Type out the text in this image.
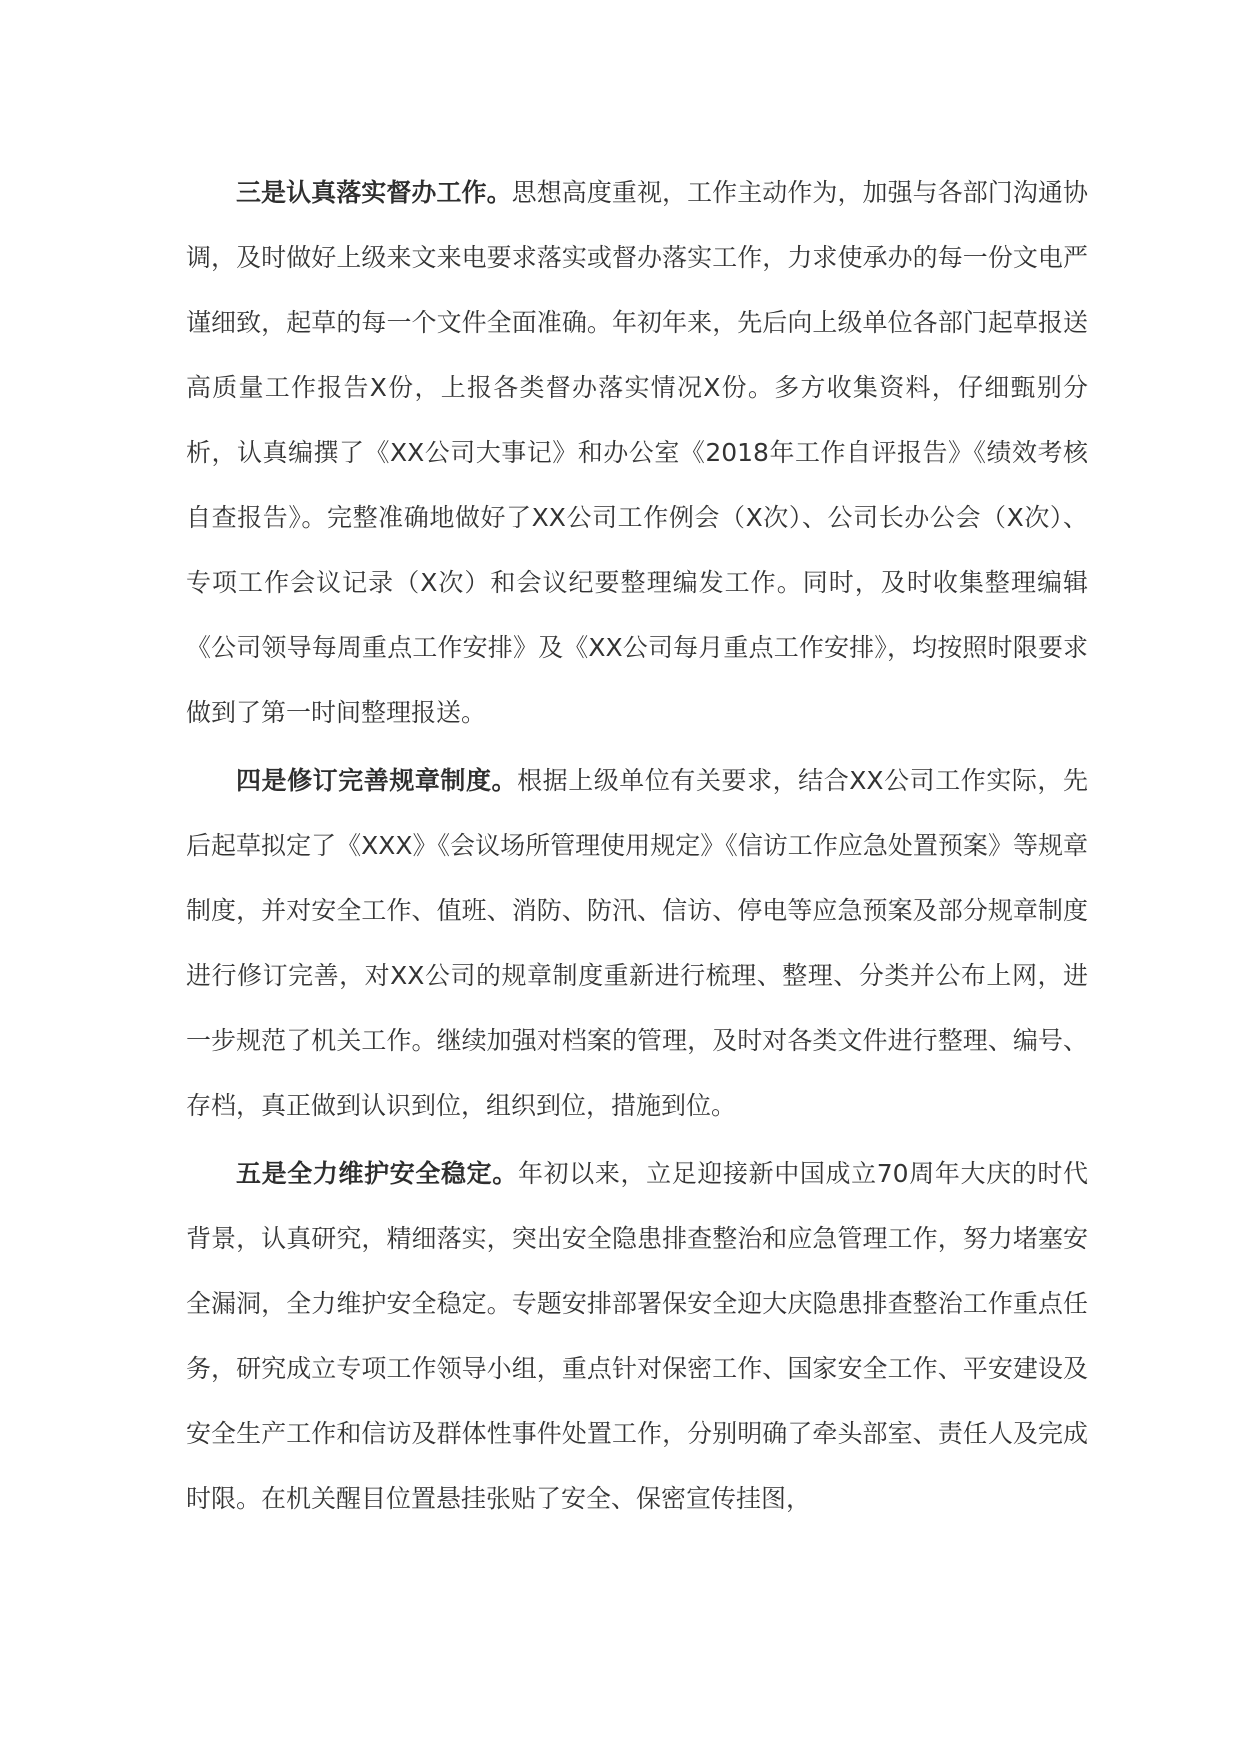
三是认真落实督办工作。思想高度重视，工作主动作为，加强与各部门沟通协调，及时做好上级来文来电要求落实或督办落实工作，力求使承办的每一份文电严谨细致，起草的每一个文件全面准确。年初年来，先后向上级单位各部门起草报送高质量工作报告X份，上报各类督办落实情况X份。多方收集资料，仔细甄别分析，认真编撰了《XX公司大事记》和办公室《2018年工作自评报告》《绩效考核自查报告》。完整准确地做好了XX公司工作例会（X次）、公司长办公会（X次）、专项工作会议记录（X次）和会议纪要整理编发工作。同时，及时收集整理编辑《公司领导每周重点工作安排》及《XX公司每月重点工作安排》，均按照时限要求做到了第一时间整理报送。

四是修订完善规章制度。根据上级单位有关要求，结合XX公司工作实际，先后起草拟定了《XXX》《会议场所管理使用规定》《信访工作应急处置预案》等规章制度，并对安全工作、值班、消防、防汛、信访、停电等应急预案及部分规章制度进行修订完善，对XX公司的规章制度重新进行梳理、整理、分类并公布上网，进一步规范了机关工作。继续加强对档案的管理，及时对各类文件进行整理、编号、存档，真正做到认识到位，组织到位，措施到位。

五是全力维护安全稳定。年初以来，立足迎接新中国成立70周年大庆的时代背景，认真研究，精细落实，突出安全隐患排查整治和应急管理工作，努力堵塞安全漏洞，全力维护安全稳定。专题安排部署保安全迎大庆隐患排查整治工作重点任务，研究成立专项工作领导小组，重点针对保密工作、国家安全工作、平安建设及安全生产工作和信访及群体性事件处置工作，分别明确了牵头部室、责任人及完成时限。在机关醒目位置悬挂张贴了安全、保密宣传挂图，
